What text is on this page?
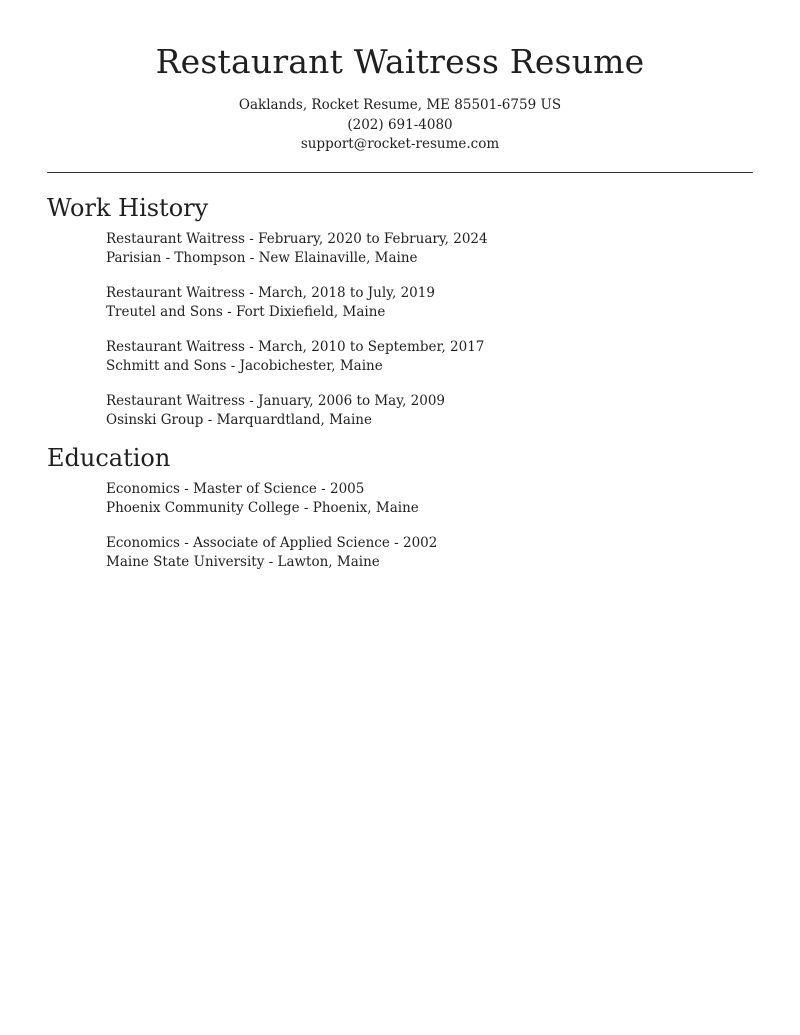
Restaurant Waitress Resume
Oaklands, Rocket Resume, ME 85501-6759 US
(202) 691-4080
support@rocket-resume.com
Work History
Restaurant Waitress - February, 2020 to February, 2024
Parisian - Thompson - New Elainaville, Maine
Restaurant Waitress - March, 2018 to July, 2019
Treutel and Sons - Fort Dixiefield, Maine
Restaurant Waitress - March, 2010 to September, 2017
Schmitt and Sons - Jacobichester, Maine
Restaurant Waitress - January, 2006 to May, 2009
Osinski Group - Marquardtland, Maine
Education
Economics - Master of Science - 2005
Phoenix Community College - Phoenix, Maine
Economics - Associate of Applied Science - 2002
Maine State University - Lawton, Maine
